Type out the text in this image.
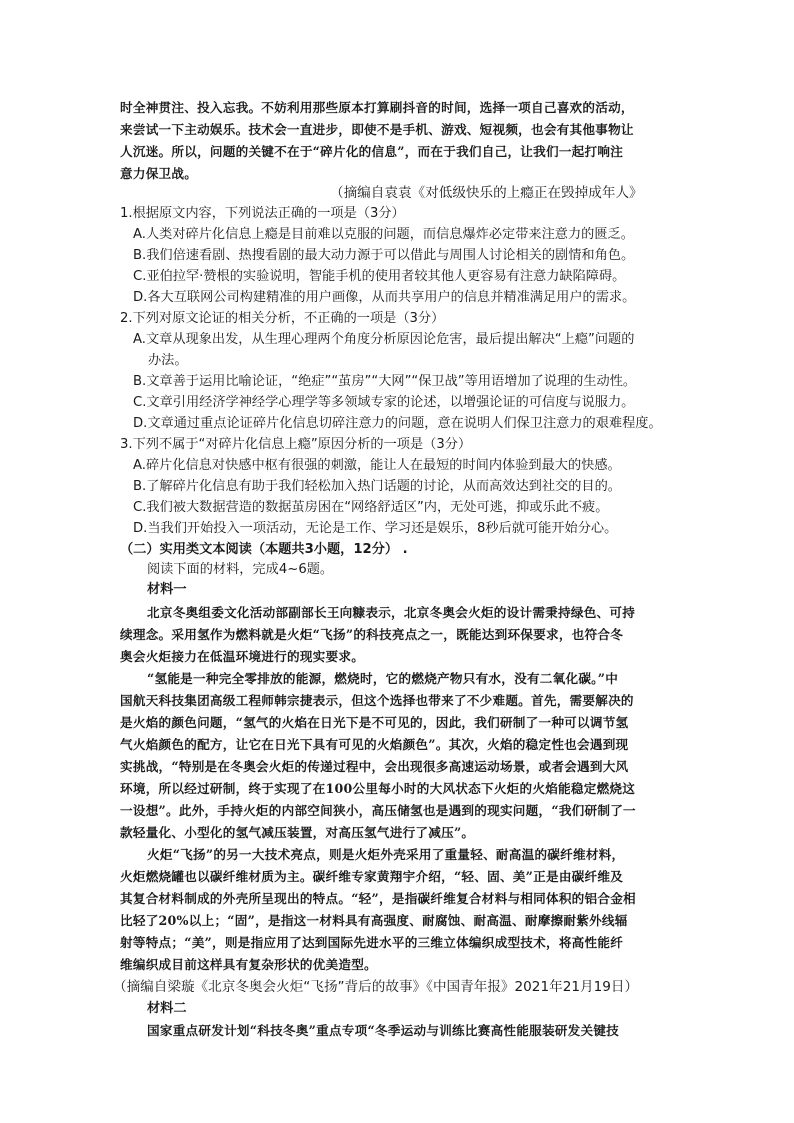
时全神贯注、投入忘我。不妨利用那些原本打算刷抖音的时间，选择一项自己喜欢的活动，
来尝试一下主动娱乐。技术会一直进步，即使不是手机、游戏、短视频，也会有其他事物让
人沉迷。所以，问题的关键不在于“碎片化的信息”，而在于我们自己，让我们一起打响注
意力保卫战。
（摘编自袁袁《对低级快乐的上瘾正在毁掉成年人》
1.根据原文内容，下列说法正确的一项是（3分）
A.人类对碎片化信息上瘾是目前难以克服的问题，而信息爆炸必定带来注意力的匮乏。
B.我们倍速看剧、热搜看剧的最大动力源于可以借此与周围人讨论相关的剧情和角色。
C.亚伯拉罕·赞根的实验说明，智能手机的使用者较其他人更容易有注意力缺陷障碍。
D.各大互联网公司构建精准的用户画像，从而共享用户的信息并精准满足用户的需求。
2.下列对原文论证的相关分析，不正确的一项是（3分）
A.文章从现象出发，从生理心理两个角度分析原因论危害，最后提出解决“上瘾”问题的
办法。
B.文章善于运用比喻论证，“绝症”“茧房”“大网”“保卫战”等用语增加了说理的生动性。
C.文章引用经济学神经学心理学等多领域专家的论述，以增强论证的可信度与说服力。
D.文章通过重点论证碎片化信息切碎注意力的问题，意在说明人们保卫注意力的艰难程度。
3.下列不属于“对碎片化信息上瘾”原因分析的一项是（3分）
A.碎片化信息对快感中枢有很强的刺激，能让人在最短的时间内体验到最大的快感。
B.了解碎片化信息有助于我们轻松加入热门话题的讨论，从而高效达到社交的目的。
C.我们被大数据营造的数据茧房困在“网络舒适区”内，无处可逃，抑或乐此不疲。
D.当我们开始投入一项活动，无论是工作、学习还是娱乐，8秒后就可能开始分心。
（二）实用类文本阅读（本题共3小题，12分） .
阅读下面的材料，完成4~6题。
材料一
北京冬奥组委文化活动部副部长王向糠表示，北京冬奥会火炬的设计需秉持绿色、可持
续理念。采用氢作为燃料就是火炬“飞扬”的科技亮点之一，既能达到环保要求，也符合冬
奥会火炬接力在低温环境进行的现实要求。
“氢能是一种完全零排放的能源，燃烧时，它的燃烧产物只有水，没有二氧化碳。”中
国航天科技集团高级工程师韩宗捷表示，但这个选择也带来了不少难题。首先，需要解决的
是火焰的颜色问题，“氢气的火焰在日光下是不可见的，因此，我们研制了一种可以调节氢
气火焰颜色的配方，让它在日光下具有可见的火焰颜色”。其次，火焰的稳定性也会遇到现
实挑战，“特别是在冬奥会火炬的传递过程中，会出现很多高速运动场景，或者会遇到大风
环境，所以经过研制，终于实现了在100公里每小时的大风状态下火炬的火焰能稳定燃烧这
一设想”。此外，手持火炬的内部空间狭小，高压储氢也是遇到的现实问题，“我们研制了一
款轻量化、小型化的氢气减压装置，对高压氢气进行了减压”。
火炬“飞扬”的另一大技术亮点，则是火炬外壳采用了重量轻、耐高温的碳纤维材料，
火炬燃烧罐也以碳纤维材质为主。碳纤维专家黄翔宇介绍，“轻、固、美”正是由碳纤维及
其复合材料制成的外壳所呈现出的特点。“轻”，是指碳纤维复合材料与相同体积的铝合金相
比轻了20%以上；“固”，是指这一材料具有高强度、耐腐蚀、耐高温、耐摩擦耐紫外线辐
射等特点；“美”，则是指应用了达到国际先进水平的三维立体编织成型技术，将高性能纤
维编织成目前这样具有复杂形状的优美造型。
（摘编自梁璇《北京冬奥会火炬“飞扬”背后的故事》《中国青年报》2021年21月19日）
材料二
国家重点研发计划“科技冬奥”重点专项“冬季运动与训练比赛高性能服装研发关键技
